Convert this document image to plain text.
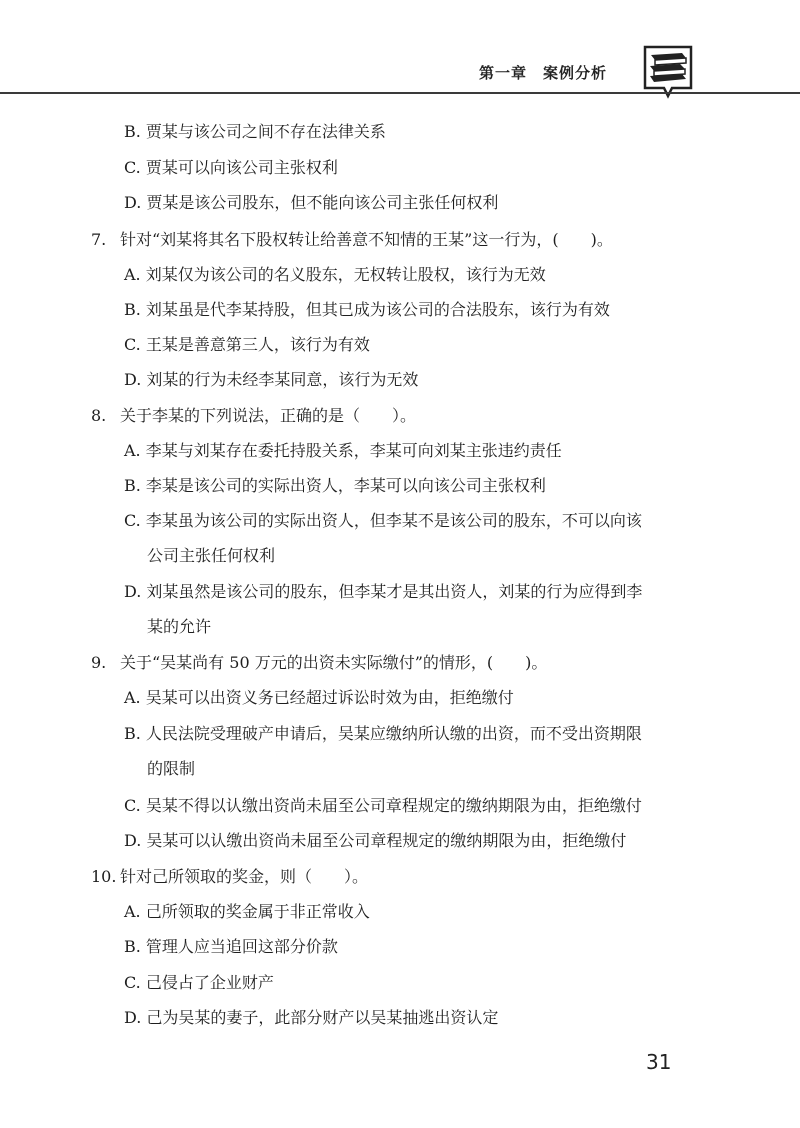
第一章　案例分析
B. 贾某与该公司之间不存在法律关系
C. 贾某可以向该公司主张权利
D. 贾某是该公司股东，但不能向该公司主张任何权利
7. 针对“刘某将其名下股权转让给善意不知情的王某”这一行为，(　　)。
A. 刘某仅为该公司的名义股东，无权转让股权，该行为无效
B. 刘某虽是代李某持股，但其已成为该公司的合法股东，该行为有效
C. 王某是善意第三人，该行为有效
D. 刘某的行为未经李某同意，该行为无效
8. 关于李某的下列说法，正确的是（　　）。
A. 李某与刘某存在委托持股关系，李某可向刘某主张违约责任
B. 李某是该公司的实际出资人，李某可以向该公司主张权利
C. 李某虽为该公司的实际出资人，但李某不是该公司的股东，不可以向该
公司主张任何权利
D. 刘某虽然是该公司的股东，但李某才是其出资人，刘某的行为应得到李
某的允许
9. 关于“吴某尚有 50 万元的出资未实际缴付”的情形，(　　)。
A. 吴某可以出资义务已经超过诉讼时效为由，拒绝缴付
B. 人民法院受理破产申请后，吴某应缴纳所认缴的出资，而不受出资期限
的限制
C. 吴某不得以认缴出资尚未届至公司章程规定的缴纳期限为由，拒绝缴付
D. 吴某可以认缴出资尚未届至公司章程规定的缴纳期限为由，拒绝缴付
10. 针对己所领取的奖金，则（　　）。
A. 己所领取的奖金属于非正常收入
B. 管理人应当追回这部分价款
C. 己侵占了企业财产
D. 己为吴某的妻子，此部分财产以吴某抽逃出资认定
31
